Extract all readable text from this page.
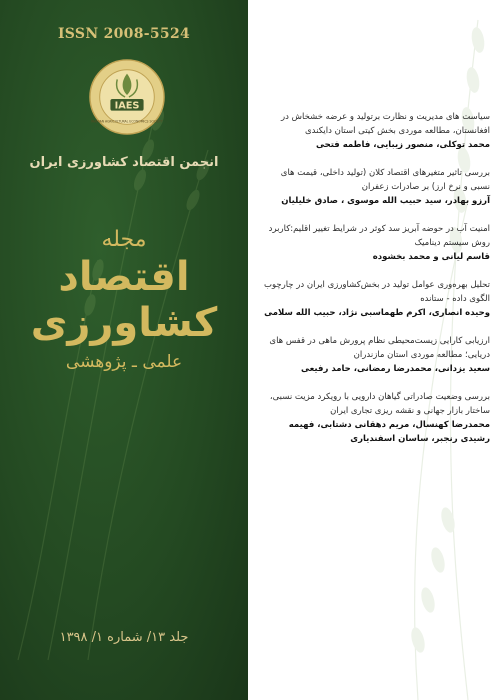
ISSN 2008-5524
IAES
IRANIAN AGRICULTURAL ECONOMICS SOCIETY
انجمن اقتصاد کشاورزی ایران
مجله
اقتصاد
کشاورزی
علمی ـ پژوهشی
جلد ۱۳/ شماره ۱/ ۱۳۹۸
سیاست های مدیریت و نظارت برتولید و عرضه خشخاش در افغانستان، مطالعه موردی بخش کیتی استان دایکندی
محمد توکلی، منصور زیبایی، فاطمه فتحی
بررسی تاثیر متغیرهای اقتصاد کلان (تولید داخلی، قیمت های نسبی و نرخ ارز) بر صادرات زعفران
آرزو بهادر، سید حبیب الله موسوی ، صادق خلیلیان
امنیت آب در حوضه آبریز سد کوثر در شرایط تغییر اقلیم:کاربرد روش سیستم دینامیک
قاسم لیانی و محمد بخشوده
تحلیل بهره‌وری عوامل تولید در بخش‌کشاورزی ایران در چارچوب الگوی داده - ستانده
وحیده انصاری، اکرم طهماسبی نژاد، حبیب الله سلامی
ارزیابی کارایی زیست‌محیطی نظام پرورش ماهی در قفس های دریایی؛ مطالعه موردی استان مازندران
سعید یزدانی، محمدرضا رمضانی، حامد رفیعی
بررسی وضعیت صادراتی گیاهان دارویی با رویکرد مزیت نسبی، ساختار بازار جهانی و نقشه ریزی تجاری ایران
محمدرضا کهنسال، مریم دهقانی دشتابی، فهیمه رشیدی رنجبر، ساسان اسفندیاری
